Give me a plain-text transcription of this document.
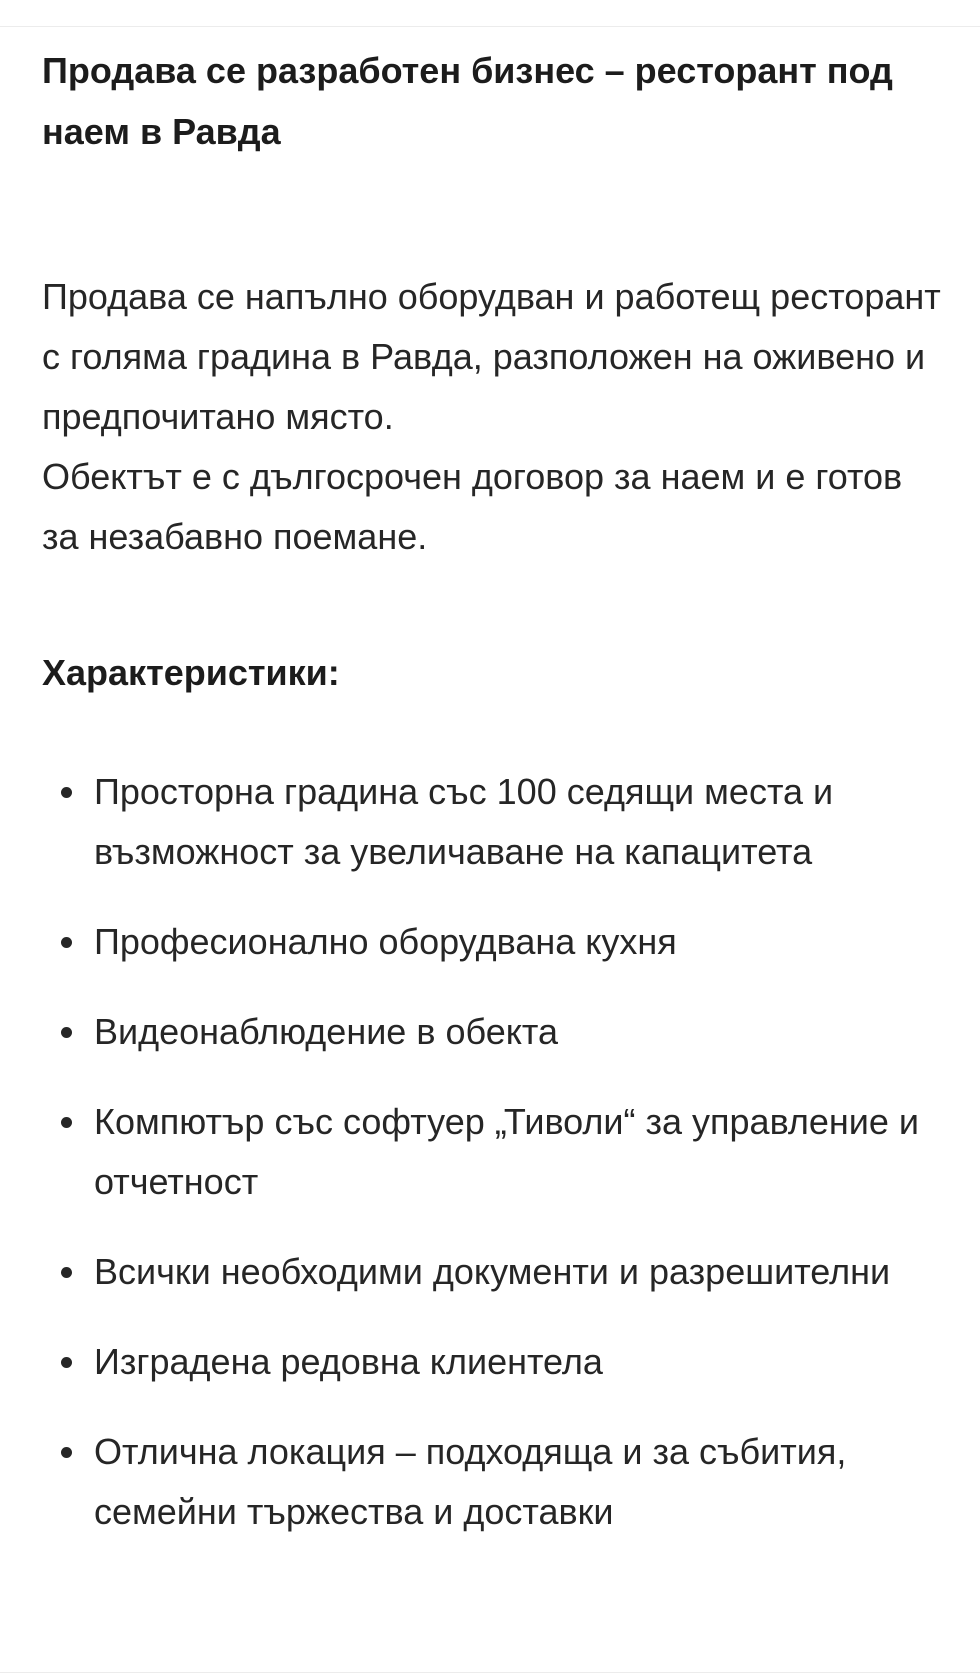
Продава се разработен бизнес – ресторант под наем в Равда

Продава се напълно оборудван и работещ ресторант с голяма градина в Равда, разположен на оживено и предпочитано място.

Обектът е с дългосрочен договор за наем и е готов за незабавно поемане.

Характеристики:
Просторна градина със 100 седящи места и възможност за увеличаване на капацитета
Професионално оборудвана кухня
Видеонаблюдение в обекта
Компютър със софтуер „Тиволи“ за управление и отчетност
Всички необходими документи и разрешителни
Изградена редовна клиентела
Отлична локация – подходяща и за събития, семейни тържества и доставки
